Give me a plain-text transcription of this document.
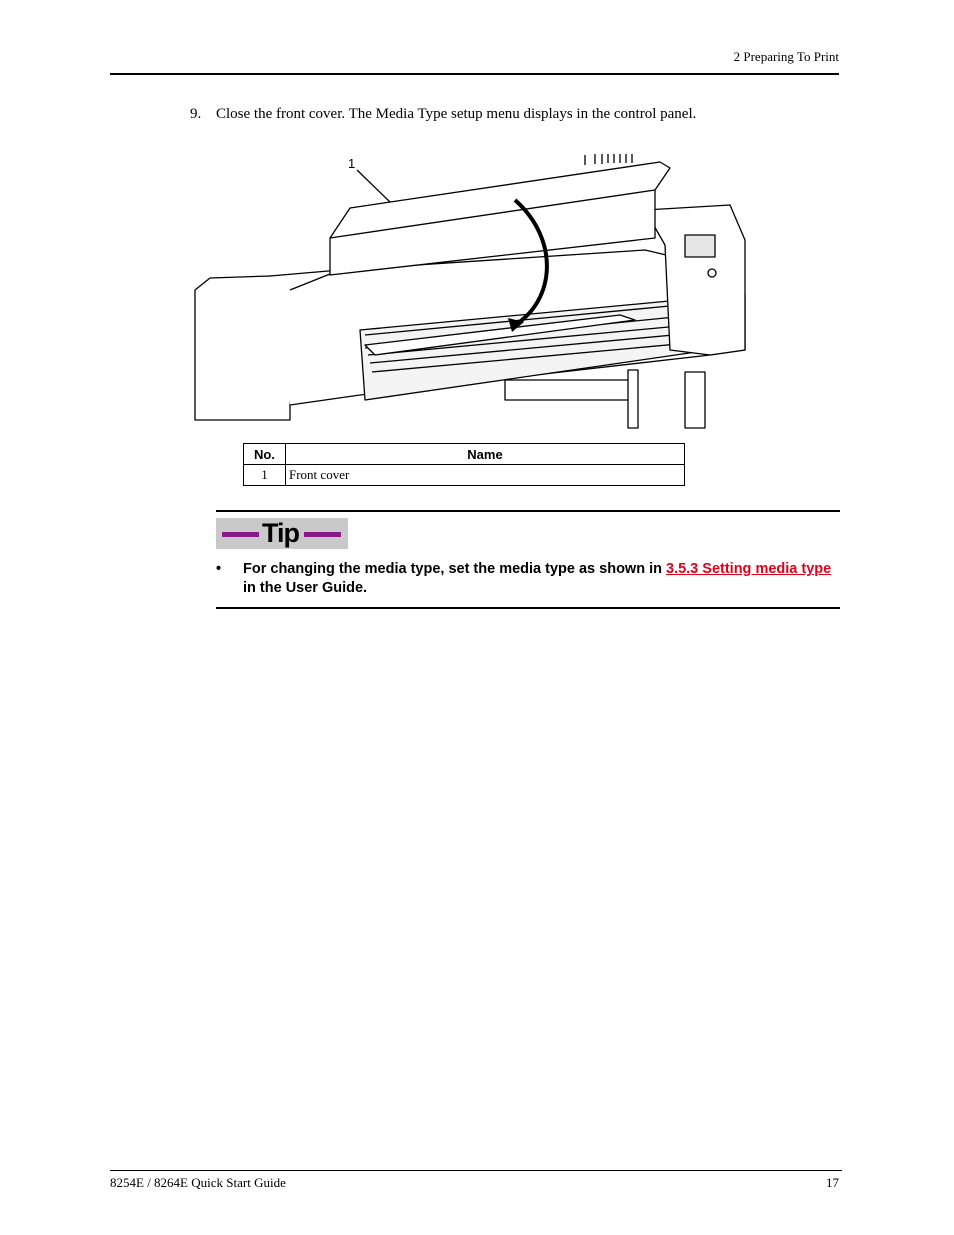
2 Preparing To Print
9. Close the front cover. The Media Type setup menu displays in the control panel.
1
No.	Name
1	Front cover
Tip
• For changing the media type, set the media type as shown in 3.5.3 Setting media type in the User Guide.
8254E / 8264E Quick Start Guide	17
